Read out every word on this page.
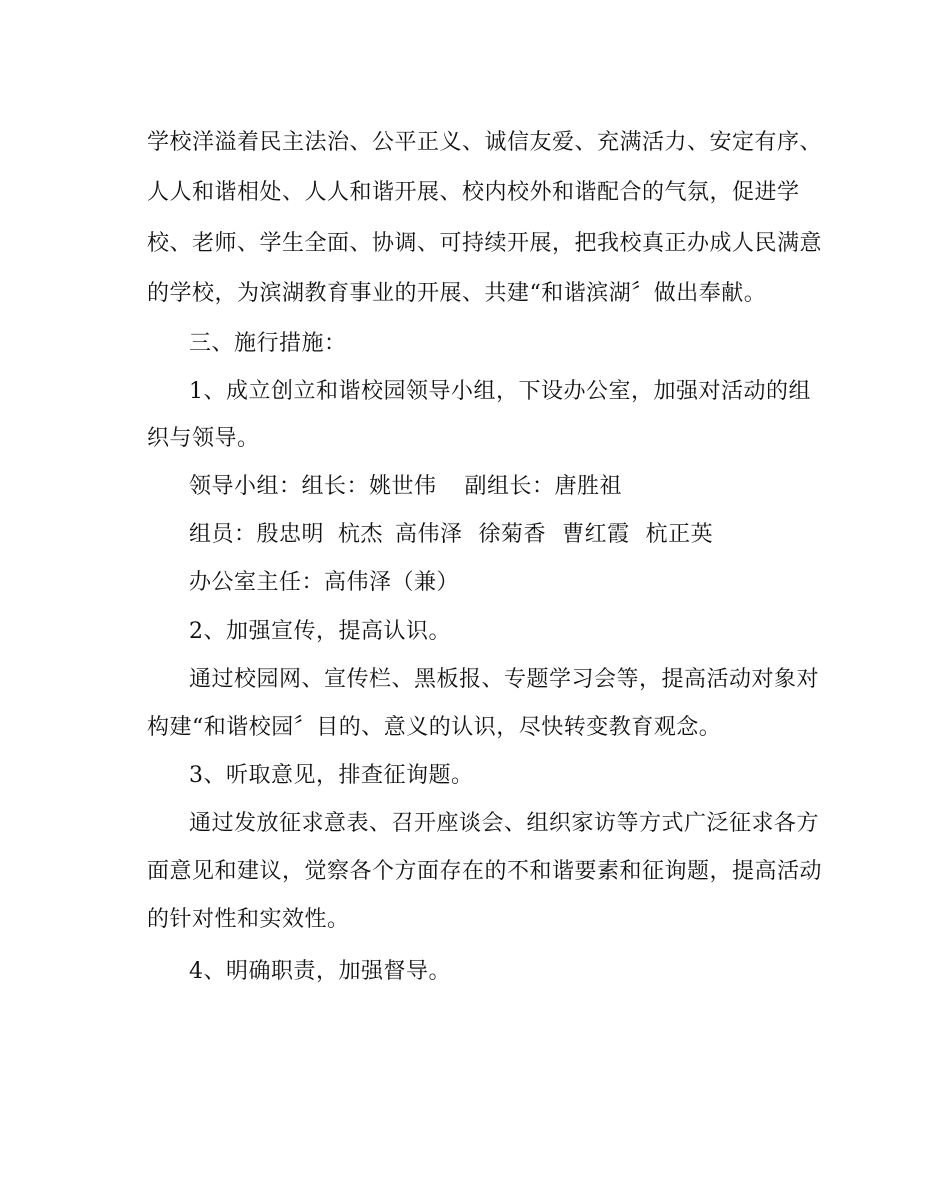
学校洋溢着民主法治、公平正义、诚信友爱、充满活力、安定有序、
人人和谐相处、人人和谐开展、校内校外和谐配合的气氛，促进学
校、老师、学生全面、协调、可持续开展，把我校真正办成人民满意
的学校，为滨湖教育事业的开展、共建“和谐滨湖〞做出奉献。
三、施行措施：
1、成立创立和谐校园领导小组，下设办公室，加强对活动的组
织与领导。
领导小组：组长：姚世伟 副组长：唐胜祖
组员：殷忠明 杭杰 高伟泽 徐菊香 曹红霞 杭正英
办公室主任：高伟泽（兼）
2、加强宣传，提高认识。
通过校园网、宣传栏、黑板报、专题学习会等，提高活动对象对
构建“和谐校园〞目的、意义的认识，尽快转变教育观念。
3、听取意见，排查征询题。
通过发放征求意表、召开座谈会、组织家访等方式广泛征求各方
面意见和建议，觉察各个方面存在的不和谐要素和征询题，提高活动
的针对性和实效性。
4、明确职责，加强督导。
